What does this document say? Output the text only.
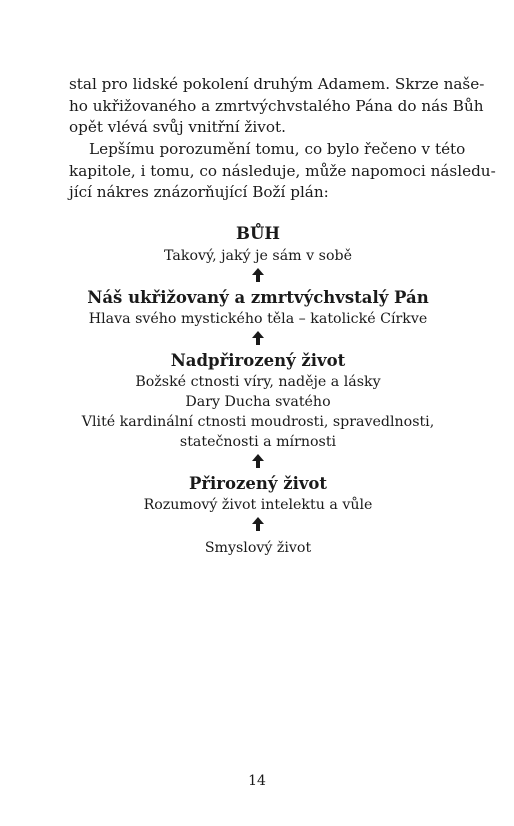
stal pro lidské pokolení druhým Adamem. Skrze naše-
ho ukřižovaného a zmrtvýchvstalého Pána do nás Bůh
opět vlévá svůj vnitřní život.

Lepšímu porozumění tomu, co bylo řečeno v této
kapitole, i tomu, co následuje, může napomoci následu-
jící nákres znázorňující Boží plán:

BŮH

Takový, jaký je sám v sobě

Náš ukřižovaný a zmrtvýchvstalý Pán

Hlava svého mystického těla – katolické Církve

Nadpřirozený život

Božské ctnosti víry, naděje a lásky

Dary Ducha svatého

Vlité kardinální ctnosti moudrosti, spravedlnosti,

statečnosti a mírnosti

Přirozený život

Rozumový život intelektu a vůle

Smyslový život

14
